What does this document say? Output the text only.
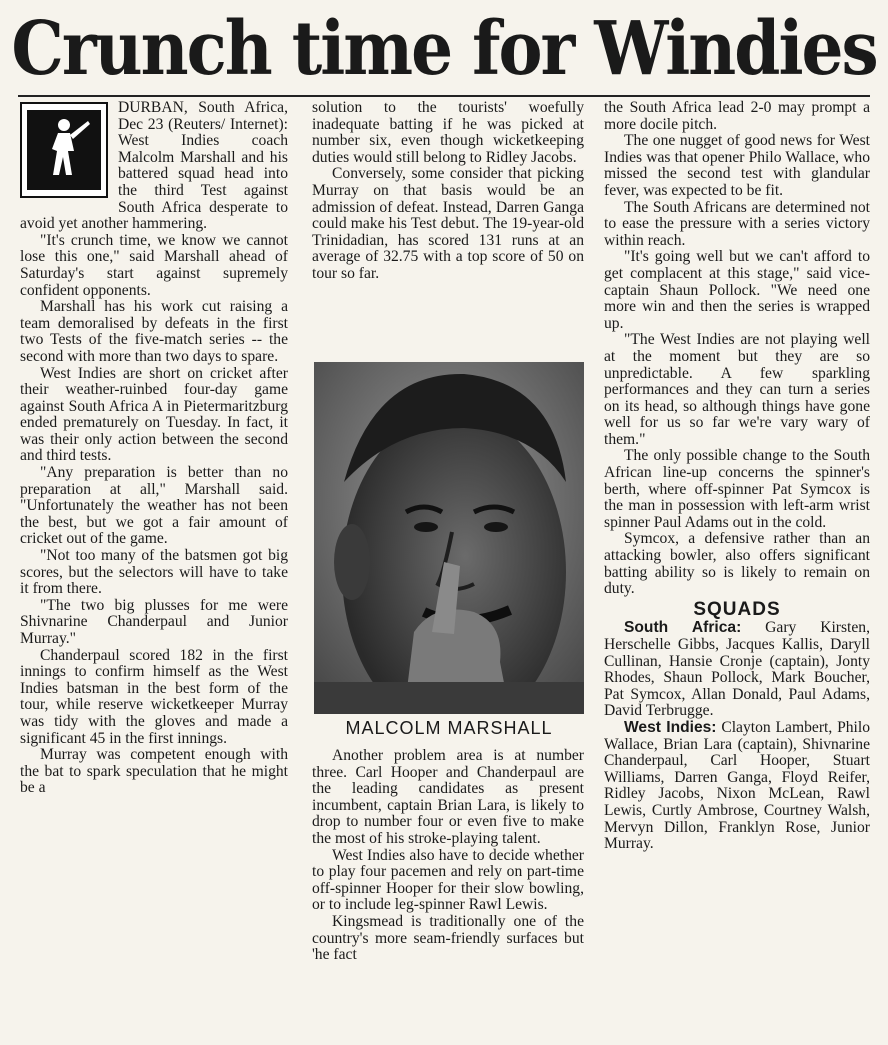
Crunch time for Windies

DURBAN, South Africa, Dec 23 (Reuters/ Internet): West Indies coach Malcolm Marshall and his battered squad head into the third Test against South Africa desperate to avoid yet another hammering.

"It's crunch time, we know we cannot lose this one," said Marshall ahead of Saturday's start against supremely confident opponents.

Marshall has his work cut raising a team demoralised by defeats in the first two Tests of the five-match series -- the second with more than two days to spare.

West Indies are short on cricket after their weather-ruinbed four-day game against South Africa A in Pietermaritzburg ended prematurely on Tuesday. In fact, it was their only action between the second and third tests.

"Any preparation is better than no preparation at all," Marshall said. "Unfortunately the weather has not been the best, but we got a fair amount of cricket out of the game.

"Not too many of the batsmen got big scores, but the selectors will have to take it from there.

"The two big plusses for me were Shivnarine Chanderpaul and Junior Murray."

Chanderpaul scored 182 in the first innings to confirm himself as the West Indies batsman in the best form of the tour, while reserve wicketkeeper Murray was tidy with the gloves and made a significant 45 in the first innings.

Murray was competent enough with the bat to spark speculation that he might be a

solution to the tourists' woefully inadequate batting if he was picked at number six, even though wicketkeeping duties would still belong to Ridley Jacobs.

Conversely, some consider that picking Murray on that basis would be an admission of defeat. Instead, Darren Ganga could make his Test debut. The 19-year-old Trinidadian, has scored 131 runs at an average of 32.75 with a top score of 50 on tour so far.

MALCOLM MARSHALL

Another problem area is at number three. Carl Hooper and Chanderpaul are the leading candidates as present incumbent, captain Brian Lara, is likely to drop to number four or even five to make the most of his stroke-playing talent.

West Indies also have to decide whether to play four pacemen and rely on part-time off-spinner Hooper for their slow bowling, or to include leg-spinner Rawl Lewis.

Kingsmead is traditionally one of the country's more seam-friendly surfaces but 'he fact

the South Africa lead 2-0 may prompt a more docile pitch.

The one nugget of good news for West Indies was that opener Philo Wallace, who missed the second test with glandular fever, was expected to be fit.

The South Africans are determined not to ease the pressure with a series victory within reach.

"It's going well but we can't afford to get complacent at this stage," said vice-captain Shaun Pollock. "We need one more win and then the series is wrapped up.

"The West Indies are not playing well at the moment but they are so unpredictable. A few sparkling performances and they can turn a series on its head, so although things have gone well for us so far we're vary wary of them."

The only possible change to the South African line-up concerns the spinner's berth, where off-spinner Pat Symcox is the man in possession with left-arm wrist spinner Paul Adams out in the cold.

Symcox, a defensive rather than an attacking bowler, also offers significant batting ability so is likely to remain on duty.

SQUADS

South Africa: Gary Kirsten, Herschelle Gibbs, Jacques Kallis, Daryll Cullinan, Hansie Cronje (captain), Jonty Rhodes, Shaun Pollock, Mark Boucher, Pat Symcox, Allan Donald, Paul Adams, David Terbrugge.

West Indies: Clayton Lambert, Philo Wallace, Brian Lara (captain), Shivnarine Chanderpaul, Carl Hooper, Stuart Williams, Darren Ganga, Floyd Reifer, Ridley Jacobs, Nixon McLean, Rawl Lewis, Curtly Ambrose, Courtney Walsh, Mervyn Dillon, Franklyn Rose, Junior Murray.
